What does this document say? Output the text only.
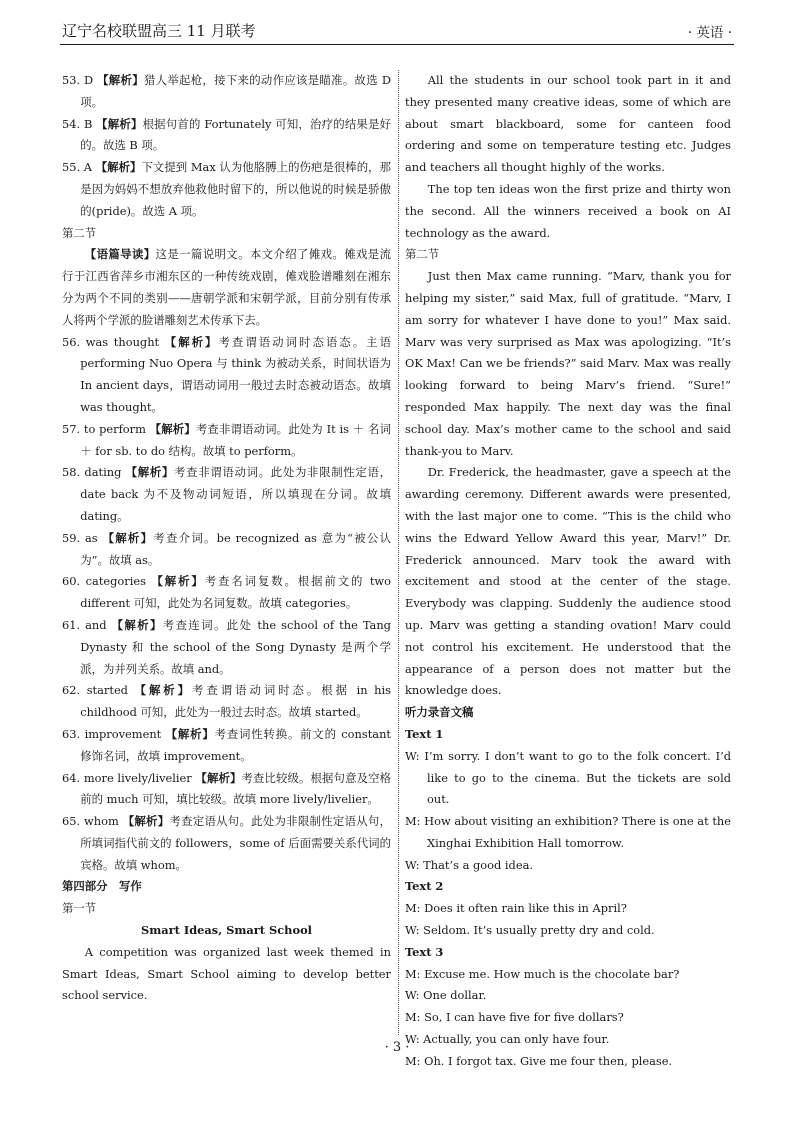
辽宁名校联盟高三 11 月联考	· 英语 ·

53. D 【解析】猎人举起枪，接下来的动作应该是瞄准。故选 D 项。

54. B 【解析】根据句首的 Fortunately 可知，治疗的结果是好的。故选 B 项。

55. A 【解析】下文提到 Max 认为他胳膊上的伤疤是很棒的，那是因为妈妈不想放弃他救他时留下的，所以他说的时候是骄傲的(pride)。故选 A 项。

第二节

【语篇导读】这是一篇说明文。本文介绍了傩戏。傩戏是流行于江西省萍乡市湘东区的一种传统戏剧，傩戏脸谱雕刻在湘东分为两个不同的类别——唐朝学派和宋朝学派，目前分别有传承人将两个学派的脸谱雕刻艺术传承下去。

56. was thought 【解析】考查谓语动词时态语态。主语 performing Nuo Opera 与 think 为被动关系，时间状语为 In ancient days，谓语动词用一般过去时态被动语态。故填 was thought。

57. to perform 【解析】考查非谓语动词。此处为 It is ＋ 名词 ＋ for sb. to do 结构。故填 to perform。

58. dating 【解析】考查非谓语动词。此处为非限制性定语，date back 为不及物动词短语，所以填现在分词。故填 dating。

59. as 【解析】考查介词。be recognized as 意为“被公认为”。故填 as。

60. categories 【解析】考查名词复数。根据前文的 two different 可知，此处为名词复数。故填 categories。

61. and 【解析】考查连词。此处 the school of the Tang Dynasty 和 the school of the Song Dynasty 是两个学派，为并列关系。故填 and。

62. started 【解析】考查谓语动词时态。根据 in his childhood 可知，此处为一般过去时态。故填 started。

63. improvement 【解析】考查词性转换。前文的 constant 修饰名词，故填 improvement。

64. more lively/livelier 【解析】考查比较级。根据句意及空格前的 much 可知，填比较级。故填 more lively/livelier。

65. whom 【解析】考查定语从句。此处为非限制性定语从句，所填词指代前文的 followers，some of 后面需要关系代词的宾格。故填 whom。

第四部分　写作

第一节

Smart Ideas, Smart School

A competition was organized last week themed in Smart Ideas, Smart School aiming to develop better school service.

All the students in our school took part in it and they presented many creative ideas, some of which are about smart blackboard, some for canteen food ordering and some on temperature testing etc. Judges and teachers all thought highly of the works.

The top ten ideas won the first prize and thirty won the second. All the winners received a book on AI technology as the award.

第二节

Just then Max came running. “Marv, thank you for helping my sister,” said Max, full of gratitude. “Marv, I am sorry for whatever I have done to you!” Max said. Marv was very surprised as Max was apologizing. “It’s OK Max! Can we be friends?” said Marv. Max was really looking forward to being Marv’s friend. “Sure!” responded Max happily. The next day was the final school day. Max’s mother came to the school and said thank-you to Marv.

Dr. Frederick, the headmaster, gave a speech at the awarding ceremony. Different awards were presented, with the last major one to come. “This is the child who wins the Edward Yellow Award this year, Marv!” Dr. Frederick announced. Marv took the award with excitement and stood at the center of the stage. Everybody was clapping. Suddenly the audience stood up. Marv was getting a standing ovation! Marv could not control his excitement. He understood that the appearance of a person does not matter but the knowledge does.

听力录音文稿

Text 1

W: I’m sorry. I don’t want to go to the folk concert. I’d like to go to the cinema. But the tickets are sold out.

M: How about visiting an exhibition? There is one at the Xinghai Exhibition Hall tomorrow.

W: That’s a good idea.

Text 2

M: Does it often rain like this in April?

W: Seldom. It’s usually pretty dry and cold.

Text 3

M: Excuse me. How much is the chocolate bar?

W: One dollar.

M: So, I can have five for five dollars?

W: Actually, you can only have four.

M: Oh. I forgot tax. Give me four then, please.

· 3 ·
